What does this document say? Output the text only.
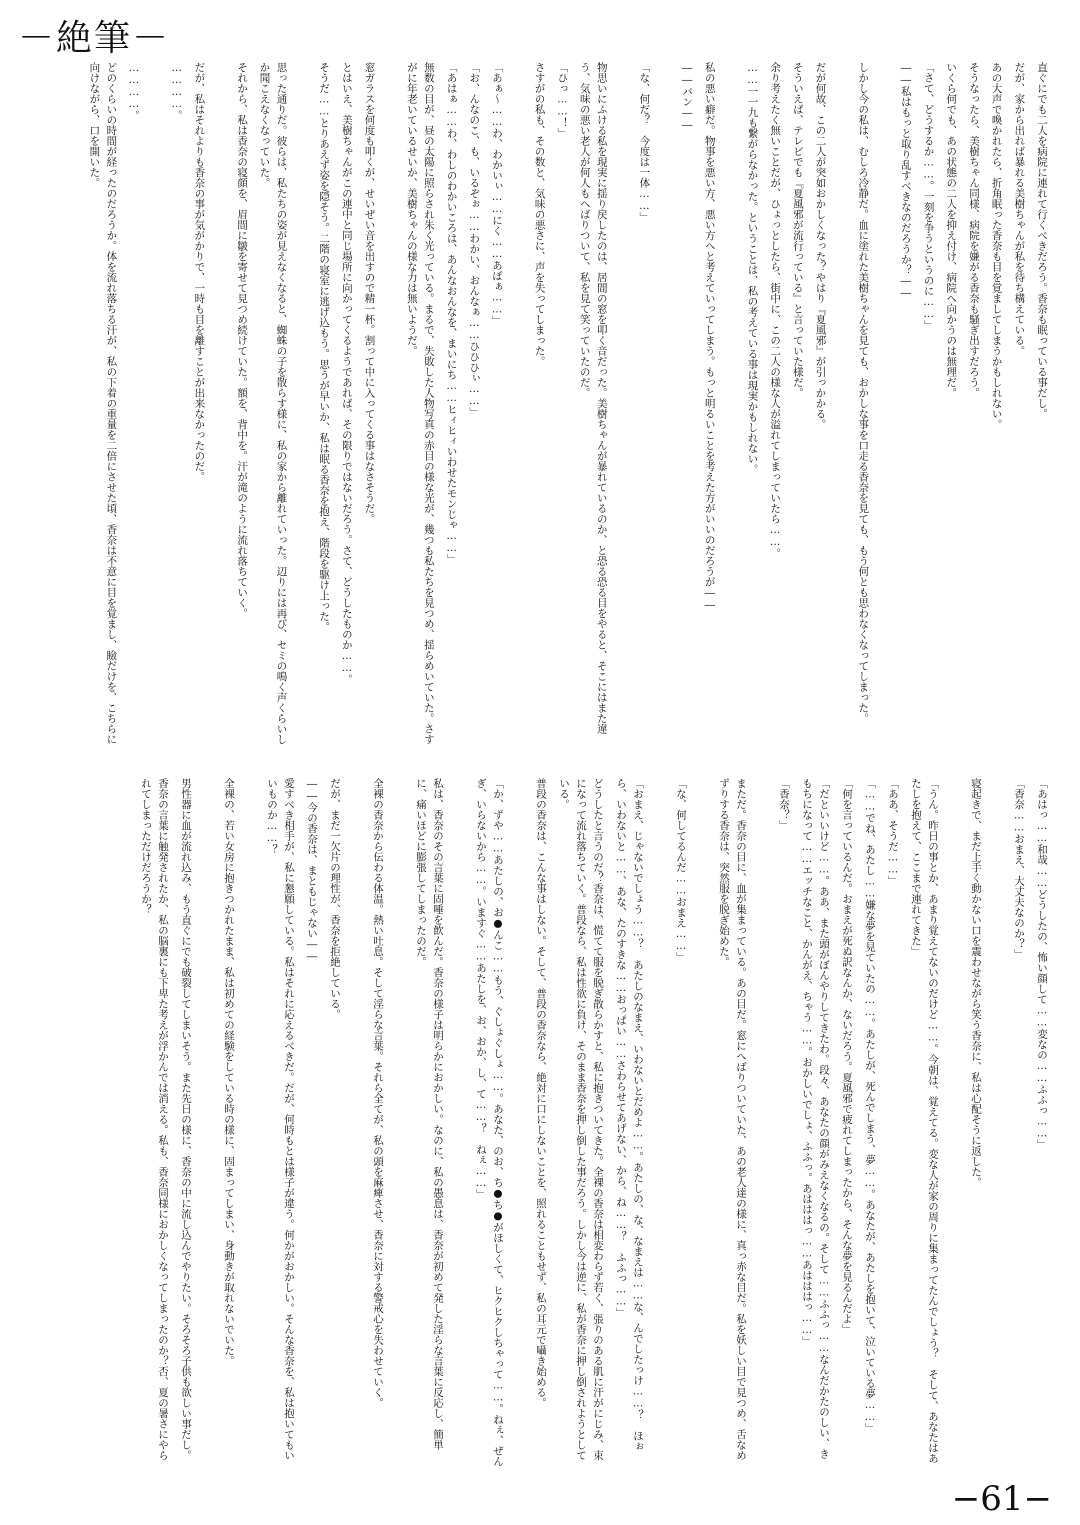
－絶筆－
直ぐにでも二人を病院に連れて行くべきだろう。香奈も眠っている事だし。
だが、家から出れば暴れる美樹ちゃんが私を待ち構えている。
あの大声で喚かれたら、折角眠った香奈も目を覚ましてしまうかもしれない。
そうなったら、美樹ちゃん同様、病院を嫌がる香奈も騒ぎ出すだろう。
いくら何でも、あの状態の二人を抑え付け、病院へ向かうのは無理だ。
「さて、どうするか……。一刻を争うというのに……」
――私はもっと取り乱すべきなのだろうか？――
しかし今の私は、むしろ冷静だ。血に塗れた美樹ちゃんを見ても、おかしな事を口走る香奈を見ても、もう何とも思わなくなってしまった。
だが何故、この二人が突如おかしくなった？やはり『夏風邪』が引っかかる。
そういえば、テレビでも『夏風邪が流行っている』と言っていた様だ。
余り考えたく無いことだが、ひょっとしたら、街中に、この二人の様な人が溢れてしまっていたら……。
……一一九も繋がらなかった。ということは、私の考えている事は現実かもしれない。
私の悪い癖だ。物事を悪い方、悪い方へと考えていってしまう。もっと明るいことを考えた方がいいのだろうが――
――バン――
「な、何だ？　今度は一体……」
物思いにふける私を現実に揺り戻したのは、居間の窓を叩く音だった。美樹ちゃんが暴れているのか、と恐る恐る目をやると、そこにはまた違う、気味の悪い老人が何人もへばりついて、私を見て笑っていたのだ。
「ひっ……！」
さすがの私も、その数と、気味の悪さに、声を失ってしまった。
「あぁ～……わ、わかいぃ……にく……あぽぁ……」
「お、んなのこ、も、いるぞぉ……わかい、おんなぁ……ひひひぃ……」
「あはぁ……わ、わしのわかいころは、あんなおんなを、まいにち……ヒィヒィいわせたモンじゃ……」
無数の目が、昼の太陽に照らされ朱く光っている。まるで、失敗した人物写真の赤目の様な光が、幾つも私たちを見つめ、揺らめいていた。さすがに年老いているせいか、美樹ちゃんの様な力は無いようだ。
窓ガラスを何度も叩くが、せいぜい音を出すので精一杯。割って中に入ってくる事はなさそうだ。
とはいえ、美樹ちゃんがこの連中と同じ場所に向かってくるようであれば、その限りではないだろう。さて、どうしたものか……。
そうだ……とりあえず姿を隠そう。二階の寝室に逃げ込もう。思うが早いか、私は眠る香奈を抱え、階段を駆け上った。
思った通りだ。彼らは、私たちの姿が見えなくなると、蜘蛛の子を散らす様に、私の家から離れていった。辺りには再び、セミの鳴く声くらいしか聞こえなくなっていた。
それから、私は香奈の寝顔を、眉間に皺を寄せて見つめ続けていた。額を、背中を。汗が滝のように流れ落ちていく。
だが、私はそれよりも香奈の事が気がかりで、一時も目を離すことが出来なかったのだ。
…………。
…………。
どのくらいの時間が経ったのだろうか。体を流れ落ちる汗が、私の下着の重量を二倍にさせた頃、香奈は不意に目を覚まし、瞼だけを、こちらに向けながら、口を開いた。
「あはっ……和哉……どうしたの、怖い顔して……変なの……ふふっ……」
「香奈……おまえ、大丈夫なのか？」
寝起きで、まだ上手く動かない口を震わせながら笑う香奈に、私は心配そうに返した。
「うん。昨日の事とか、あまり覚えてないのだけど……。今朝は、覚えてる。変な人が家の周りに集まってたんでしょう？　そして、あなたはあたしを抱えて、ここまで連れてきた」
「ああ、そうだ……」
「……でね、あたし……嫌な夢を見ていたの……。あたしが、死んでしまう、夢……。あなたが、あたしを抱いて、泣いている夢……」
「何を言っているんだ。おまえが死ぬ訳なんか、ないだろう。夏風邪で疲れてしまったから、そんな夢を見るんだよ」
「だといいけど……。ああ、また頭がぼんやりしてきたわ。段々、あなたの顔がみえなくなるの。そして……ふふっ……なんだかたのしい、きもちになって……エッチなこと、かんがえ、ちゃう……。おかしいでしょ、ふふっ。あはははっ……あはははっ……」
「香奈？」
まただ。香奈の目に、血が集まっている。あの目だ。窓にへばりついていた、あの老人達の様に、真っ赤な目だ。私を妖しい目で見つめ、舌なめずりする香奈は、突然服を脱ぎ始めた。
「な、何してるんだ……おまえ……」
「おまえ、じゃないでしょう……？　あたしのなまえ、いわないとだめよ……。あたしの、な、なまえは……な、んでしたっけ……？　ほぉら、いわないと……、あな、たのすきな……おっぱい……さわらせてあげない、から、ね……？　ふふっ……」
どうしたと言うのだ？香奈は、慌てて服を脱ぎ散らかすと、私に抱きついてきた。全裸の香奈は相変わらず若く、張りのある肌に汗がにじみ、束になって流れ落ちていく。普段なら、私は性欲に負け、そのまま香奈を押し倒した事だろう。しかし今は逆に、私が香奈に押し倒されようとしている。
普段の香奈は、こんな事はしない。そして、普段の香奈なら、絶対に口にしないことを、照れることもせず、私の耳元で囁き始める。
「か、ずや……あたしの、お●んこ……もう、ぐしょぐしょ……。あなた、のお、ち●ち●がほしくて、ヒクヒクしちゃって……。ねぇ、ぜんぎ、いらないから……。いますぐ……あたしを、お、おか、し、て……？　ねぇ……」
私は、香奈のその言葉に固唾を飲んだ。香奈の様子は明らかにおかしい。なのに、私の愚息は、香奈が初めて発した淫らな言葉に反応し、簡単に、痛いほどに膨張してしまったのだ。
全裸の香奈から伝わる体温。熱い吐息。そして淫らな言葉。それら全てが、私の頭を麻痺させ、香奈に対する警戒心を失わせていく。
だが、まだ一欠片の理性が、香奈を拒絶している。
――今の香奈は、まともじゃない――
愛すべき相手が、私に懇願している。私はそれに応えるべきだ。だが、何時もとは様子が違う。何かがおかしい。そんな香奈を、私は抱いてもいいものか……？
全裸の、若い女房に抱きつかれたまま、私は初めての経験をしている時の様に、固まってしまい、身動きが取れないでいた。
男性器に血が流れ込み、もう直ぐにでも破裂してしまいそう。また先日の様に、香奈の中に流し込んでやりたい。そろそろ子供も欲しい事だし。
香奈の言葉に触発されたか、私の脳裏にも下卑た考えが浮かんでは消える。私も、香奈同様におかしくなってしまったのか？否、夏の暑さにやられてしまっただけだろうか？
−61−
